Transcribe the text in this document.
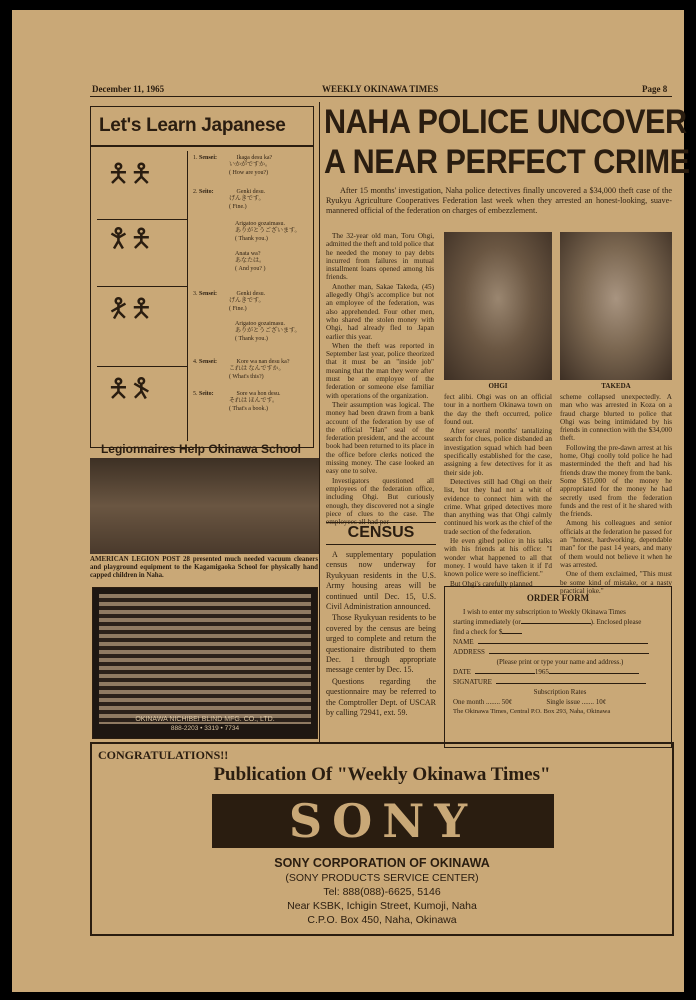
December 11, 1965	WEEKLY OKINAWA TIMES	Page 8
Let's Learn Japanese
🯅🯅
🯆🯅
🯇🯅
🯅🯈
1. Sensei:	Ikaga desu ka?
いかがですか。
( How are you?)
2. Seito:	Genki desu.
げんきです。
( Fine.)
Arigatoo gozaimasu.
ありがとうございます。
( Thank you.)
Anata wa?
あなたは。
( And you? )
3. Sensei:	Genki desu.
げんきです。
( Fine.)
Arigatoo gozaimasu.
ありがとうございます。
( Thank you.)
4. Sensei:	Kore wa nan desu ka?
これは なんですか。
( What's this?)
5. Seito:	Sore wa hon desu.
それは ほんです。
( That's a book.)
Legionnaires Help Okinawa School
AMERICAN LEGION POST 28 presented much needed vacuum cleaners and playground equipment to the Kagamigaoka School for physically hand capped children in Naha.
OKINAWA NICHIBEI BLIND MFG. CO., LTD.
888-2203 • 3319 • 7734
NAHA POLICE UNCOVER
A NEAR PERFECT CRIME
After 15 months' investigation, Naha police detectives finally uncovered a $34,000 theft case of the Ryukyu Agriculture Cooperatives Federation last week when they arrested an honest-looking, suave-mannered official of the federation on charges of embezzlement.

The 32-year old man, Toru Ohgi, admitted the theft and told police that he needed the money to pay debts incurred from failures in mutual installment loans opened among his friends.

Another man, Sakae Takeda, (45) allegedly Ohgi's accomplice but not an employee of the federation, was also apprehended. Four other men, who shared the stolen money with Ohgi, had already fled to Japan earlier this year.

When the theft was reported in September last year, police theorized that it must be an "inside job" meaning that the man they were after must be an employee of the federation or someone else familiar with operations of the organization.

Their assumption was logical. The money had been drawn from a bank account of the federation by use of the official "Han" seal of the federation president, and the account book had been returned to its place in the office before clerks noticed the missing money. The case looked an easy one to solve.

Investigators questioned all employees of the federation office, including Ohgi. But curiously enough, they discovered not a single piece of clues to the case. The

OHGI	TAKEDA

fect alibi. Ohgi was on an official tour in a northern Okinawa town on the day the theft occurred, police found out.

After several months' tantalizing search for clues, police disbanded an investigation squad which had been specifically established for the case, assigning a few detectives for it as their side job.

Detectives still had Ohgi on their list, but they had not a whit of evidence to connect him with the crime. What griped detectives more than anything was that Ohgi calmly continued his work as the chief of the trade section of the federation.

He even gibed police in his talks with his friends at his office: "I wonder what happened to all that money. I would have taken it if I'd known police were so inefficient."

But Ohgi's carefully planned

scheme collapsed unexpectedly. A man who was arrested in Koza on a fraud charge blurted to police that Ohgi was being intimidated by his friends in connection with the $34,000 theft.

Following the pre-dawn arrest at his home, Ohgi coolly told police he had masterminded the theft and had his friends draw the money from the bank. Some $15,000 of the money he appropriated for the money he had secretly used from the federation funds and the rest of it he shared with the friends.

Among his colleagues and senior officials at the federation he passed for an "honest, hardworking, dependable man" for the past 14 years, and many of them would not believe it when he was arrested.

One of them exclaimed, "This must be some kind of mistake, or a nasty practical joke."

CENSUS

A supplementary population census now underway for Ryukyuan residents in the U.S. Army housing areas will be continued until Dec. 15, U.S. Civil Administration announced.

Those Ryukyuan residents to be covered by the census are being urged to complete and return the questionaire distributed to them Dec. 1 through appropriate message center by Dec. 15.

Questions regarding the questionnaire may be referred to the Comptroller Dept. of USCAR by calling 72941, ext. 59.

ORDER FORM
I wish to enter my subscription to Weekly Okinawa Times
starting immediately (or	). Enclosed please
find a check for $
NAME
ADDRESS
(Please print or type your name and address.)
DATE	1965
SIGNATURE
Subscription Rates
One month ........ 50¢	Single issue ....... 10¢
The Okinawa Times, Central P.O. Box 293, Naha, Okinawa
CONGRATULATIONS!!
Publication Of "Weekly Okinawa Times"
SONY
SONY CORPORATION OF OKINAWA
(SONY PRODUCTS SERVICE CENTER)
Tel: 888(088)-6625, 5146
Near KSBK, Ichigin Street, Kumoji, Naha
C.P.O. Box 450, Naha, Okinawa
